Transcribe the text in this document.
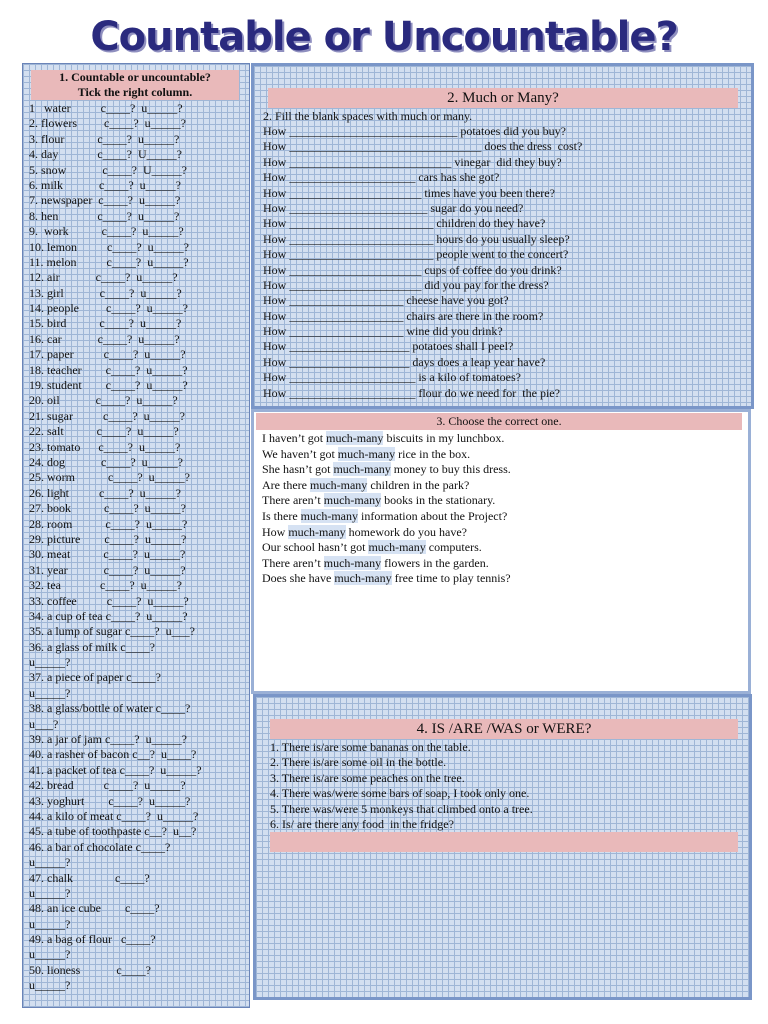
Countable or Uncountable?
1. Countable or uncountable?
Tick the right column.
1   water          c____?  u_____?
2. flowers         c____?  u_____?
3. flour           c____?  u_____?
4. day             c____?  U_____?
5. snow            c____?  U_____?
6. milk            c____?  u_____?
7. newspaper  c____?  u_____?
8. hen             c____?  u_____?
9.  work           c____?  u_____?
10. lemon          c____?  u_____?
11. melon          c____?  u_____?
12. air            c____?  u_____?
13. girl            c____?  u_____?
14. people         c____?  u_____?
15. bird           c____?  u_____?
16. car            c____?  u_____?
17. paper          c____?  u_____?
18. teacher        c____?  u_____?
19. student        c____?  u_____?
20. oil            c____?  u_____?
21. sugar          c____?  u_____?
22. salt           c____?  u_____?
23. tomato      c____?  u_____?
24. dog            c____?  u_____?
25. worm           c____?  u_____?
26. light          c____?  u_____?
27. book           c____?  u_____?
28. room           c____?  u_____?
29. picture        c____?  u_____?
30. meat           c____?  u_____?
31. year            c____?  u_____?
32. tea             c____?  u_____?
33. coffee          c____?  u_____?
34. a cup of tea c____?  u_____?
35. a lump of sugar c____?  u___?
36. a glass of milk c____?
u_____?
37. a piece of paper c____?
u_____?
38. a glass/bottle of water c____?
u___?
39. a jar of jam c____?  u_____?
40. a rasher of bacon c__?  u____?
41. a packet of tea c____?  u_____?
42. bread          c____?  u_____?
43. yoghurt        c____?  u_____?
44. a kilo of meat c____?  u_____?
45. a tube of toothpaste c__?  u__?
46. a bar of chocolate c____?
u_____?
47. chalk              c____?
u_____?
48. an ice cube        c____?
u_____?
49. a bag of flour   c____?
u_____?
50. lioness            c____?
u_____?
2. Much or Many?
2. Fill the blank spaces with much or many.
How ____________________________ potatoes did you buy?
How ________________________________ does the dress  cost?
How ___________________________ vinegar  did they buy?
How _____________________ cars has she got?
How ______________________ times have you been there?
How _______________________ sugar do you need?
How ________________________ children do they have?
How ________________________ hours do you usually sleep?
How ________________________ people went to the concert?
How ______________________ cups of coffee do you drink?
How ______________________ did you pay for the dress?
How ___________________ cheese have you got?
How ___________________ chairs are there in the room?
How ___________________ wine did you drink?
How ____________________ potatoes shall I peel?
How ____________________ days does a leap year have?
How _____________________ is a kilo of tomatoes?
How _____________________ flour do we need for  the pie?
3. Choose the correct one.
I haven’t got much-many biscuits in my lunchbox.
We haven’t got much-many rice in the box.
She hasn’t got much-many money to buy this dress.
Are there much-many children in the park?
There aren’t much-many books in the stationary.
Is there much-many information about the Project?
How much-many homework do you have?
Our school hasn’t got much-many computers.
There aren’t much-many flowers in the garden.
Does she have much-many free time to play tennis?
4. IS /ARE /WAS or WERE?
1. There is/are some bananas on the table.
2. There is/are some oil in the bottle.
3. There is/are some peaches on the tree.
4. There was/were some bars of soap, I took only one.
5. There was/were 5 monkeys that climbed onto a tree.
6. Is/ are there any food  in the fridge?
